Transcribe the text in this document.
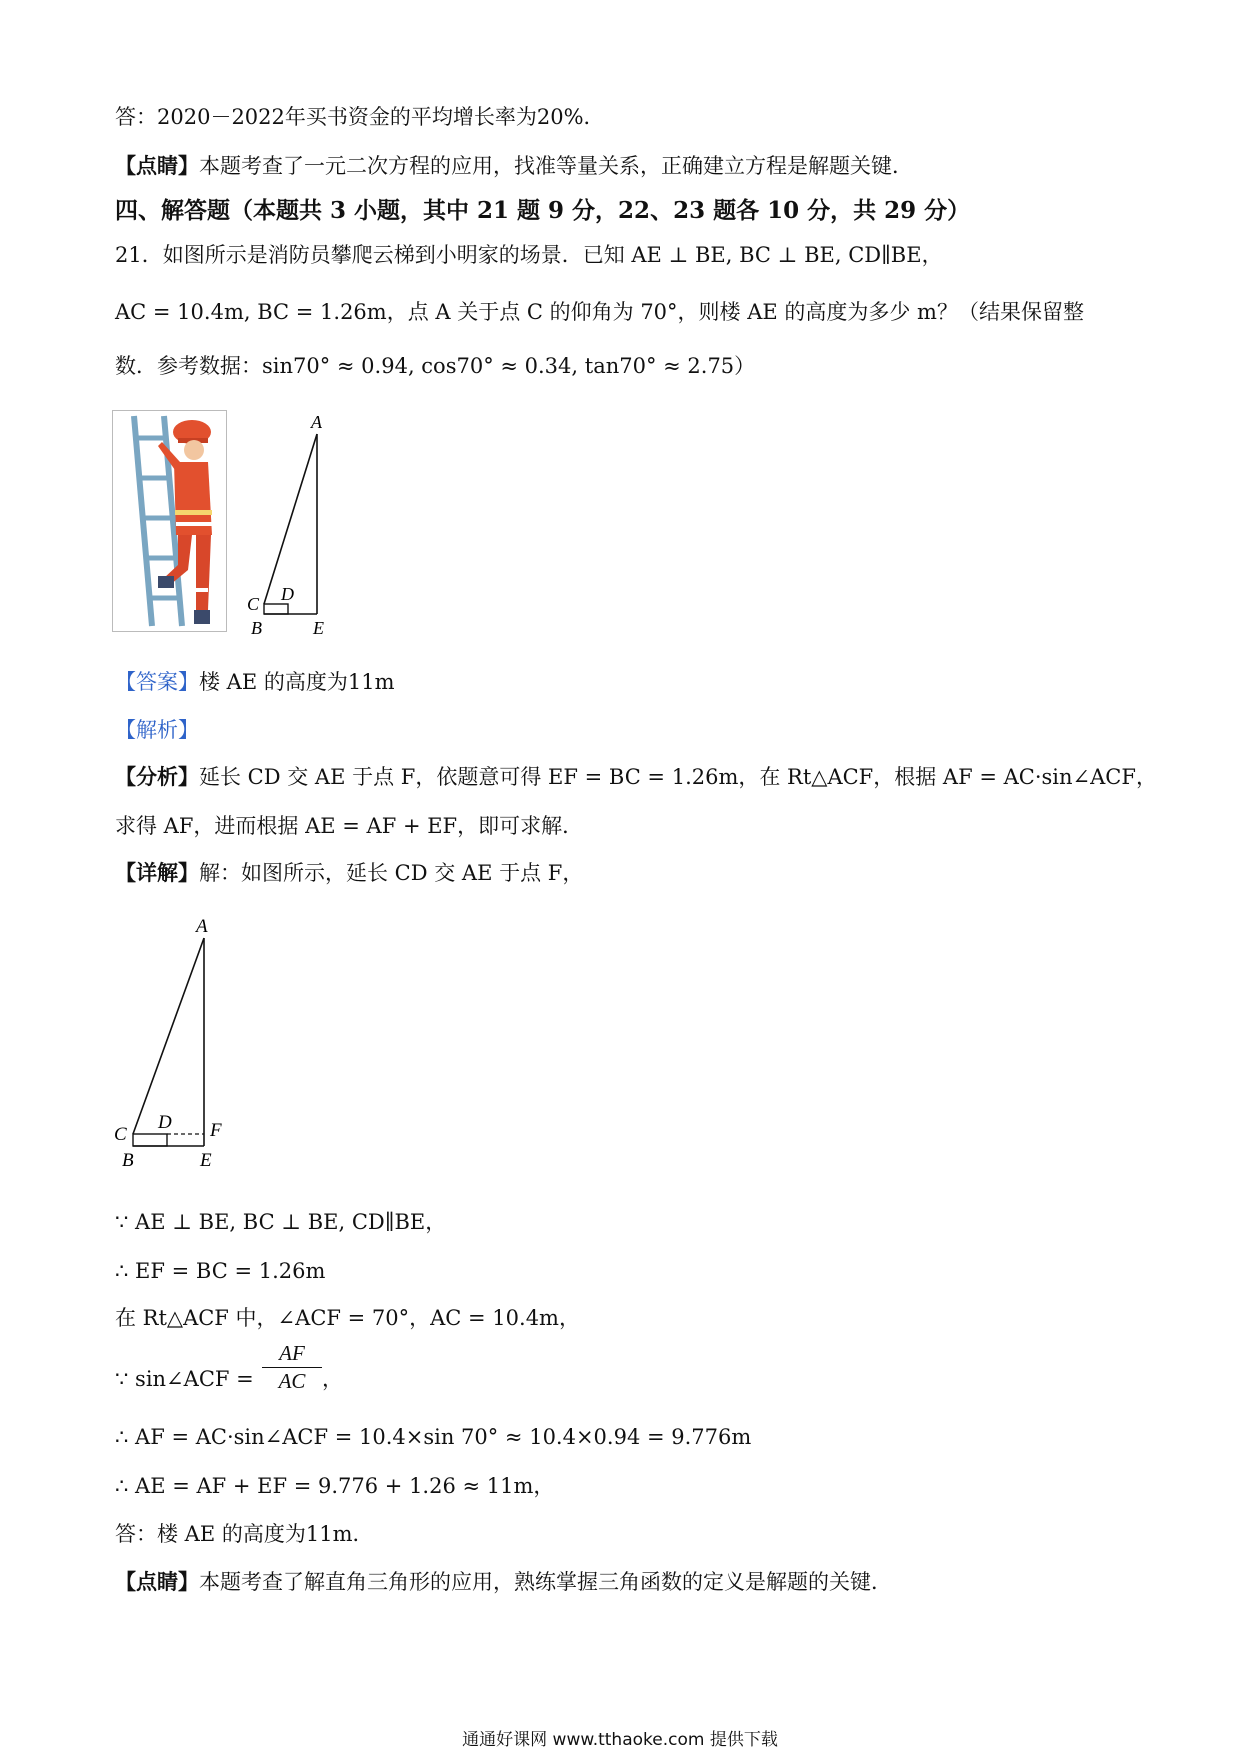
答：2020－2022年买书资金的平均增长率为20%．
【点睛】本题考查了一元二次方程的应用，找准等量关系，正确建立方程是解题关键．
四、解答题（本题共 3 小题，其中 21 题 9 分，22、23 题各 10 分，共 29 分）
21．如图所示是消防员攀爬云梯到小明家的场景．已知 AE ⊥ BE, BC ⊥ BE, CD∥BE，
AC = 10.4m, BC = 1.26m，点 A 关于点 C 的仰角为 70°，则楼 AE 的高度为多少 m？（结果保留整
数．参考数据：sin70° ≈ 0.94, cos70° ≈ 0.34, tan70° ≈ 2.75）
A
C D
B	E
【答案】楼 AE 的高度为11m
【解析】
【分析】延长 CD 交 AE 于点 F，依题意可得 EF = BC = 1.26m，在 Rt△ACF，根据 AF = AC·sin∠ACF，
求得 AF，进而根据 AE = AF + EF，即可求解．
【详解】解：如图所示，延长 CD 交 AE 于点 F，
A
C
D F
B	E
∵ AE ⊥ BE, BC ⊥ BE, CD∥BE，
∴ EF = BC = 1.26m
在 Rt△ACF 中，∠ACF = 70°，AC = 10.4m，
∵ sin∠ACF = $\frac{AF}{AC}$ ，
∴ AF = AC·sin∠ACF = 10.4×sin 70° ≈ 10.4×0.94 = 9.776m
∴ AE = AF + EF = 9.776 + 1.26 ≈ 11m，
答：楼 AE 的高度为11m．
【点睛】本题考查了解直角三角形的应用，熟练掌握三角函数的定义是解题的关键．
通通好课网 www.tthaoke.com 提供下载
